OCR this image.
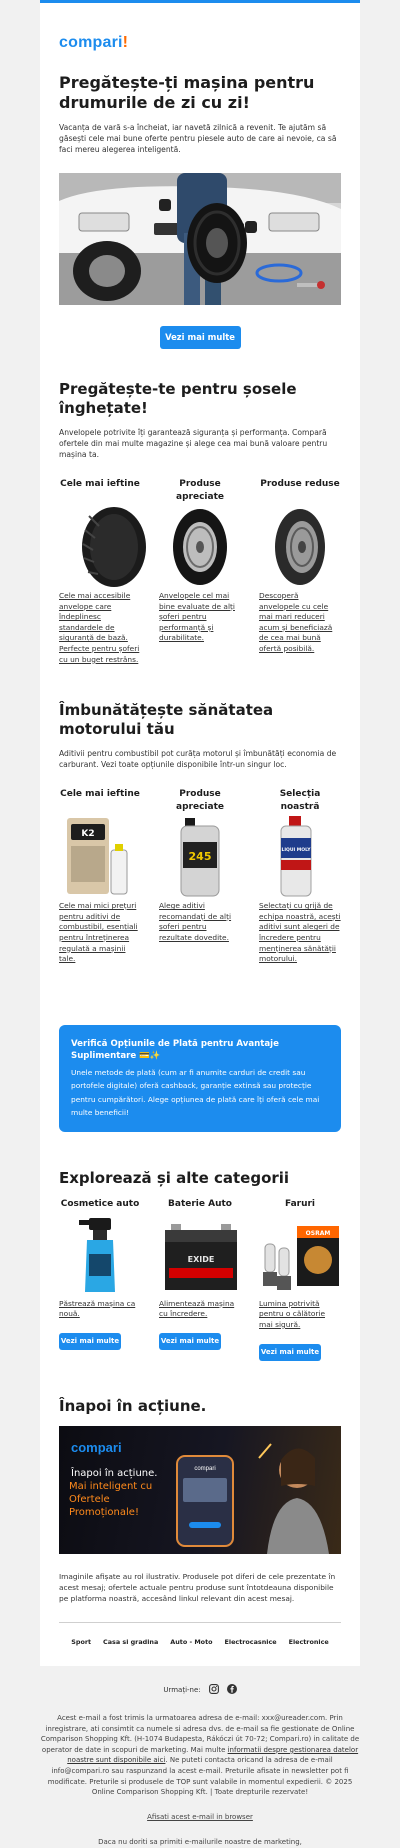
compari!
Pregătește-ți mașina pentru drumurile de zi cu zi!

Vacanța de vară s-a încheiat, iar navetă zilnică a revenit. Te ajutăm să găsești cele mai bune oferte pentru piesele auto de care ai nevoie, ca să faci mereu alegerea inteligentă.

Vezi mai multe
Pregătește-te pentru șosele înghețate!

Anvelopele potrivite îți garantează siguranța și performanța. Compară ofertele din mai multe magazine și alege cea mai bună valoare pentru mașina ta.

Cele mai ieftine
Cele mai accesibile anvelope care îndeplinesc standardele de siguranță de bază. Perfecte pentru șoferi cu un buget restrâns.
Produse apreciate
Anvelopele cel mai bine evaluate de alți șoferi pentru performanță și durabilitate.
Produse reduse
Descoperă anvelopele cu cele mai mari reduceri acum și beneficiază de cea mai bună ofertă posibilă.
Îmbunătățește sănătatea motorului tău

Aditivii pentru combustibil pot curăța motorul și îmbunătăți economia de carburant. Vezi toate opțiunile disponibile într-un singur loc.

Cele mai ieftine
K2
Cele mai mici prețuri pentru aditivi de combustibil, esențiali pentru întreținerea regulată a mașinii tale.
Produse apreciate
245
Alege aditivi recomandați de alți șoferi pentru rezultate dovedite.
Selecția noastră
LIQUI MOLY
Selectați cu grijă de echipa noastră, acești aditivi sunt alegeri de încredere pentru menținerea sănătății motorului.
Verifică Opțiunile de Plată pentru Avantaje Suplimentare 💳✨
Unele metode de plată (cum ar fi anumite carduri de credit sau portofele digitale) oferă cashback, garanție extinsă sau protecție pentru cumpărători. Alege opțiunea de plată care îți oferă cele mai multe beneficii!
Explorează și alte categorii
Cosmetice auto
Păstrează mașina ca nouă.
Vezi mai multe
Baterie Auto
EXIDE
Alimentează mașina cu încredere.
Vezi mai multe
Faruri
OSRAM
Lumina potrivită pentru o călătorie mai sigură.
Vezi mai multe
Înapoi în acțiune.
compari
Înapoi în acțiune.
Mai inteligent cu Ofertele Promoționale!
compari

Imaginile afișate au rol ilustrativ. Produsele pot diferi de cele prezentate în acest mesaj; ofertele actuale pentru produse sunt întotdeauna disponibile pe platforma noastră, accesând linkul relevant din acest mesaj.

Sport Casa si gradina Auto - Moto Electrocasnice Electronice
Urmați-ne:
Acest e-mail a fost trimis la urmatoarea adresa de e-mail: xxx@ureader.com. Prin inregistrare, ati consimtit ca numele si adresa dvs. de e-mail sa fie gestionate de Online Comparison Shopping Kft. (H-1074 Budapesta, Rákóczi út 70-72; Compari.ro) in calitate de operator de date in scopuri de marketing. Mai multe informatii despre gestionarea datelor noastre sunt disponibile aici. Ne puteti contacta oricand la adresa de e-mail info@compari.ro sau raspunzand la acest e-mail. Preturile afisate in newsletter pot fi modificate. Preturile si produsele de TOP sunt valabile in momentul expedierii. © 2025 Online Comparison Shopping Kft. | Toate drepturile rezervate!
Afisati acest e-mail in browser
Daca nu doriti sa primiti e-mailurile noastre de marketing,
